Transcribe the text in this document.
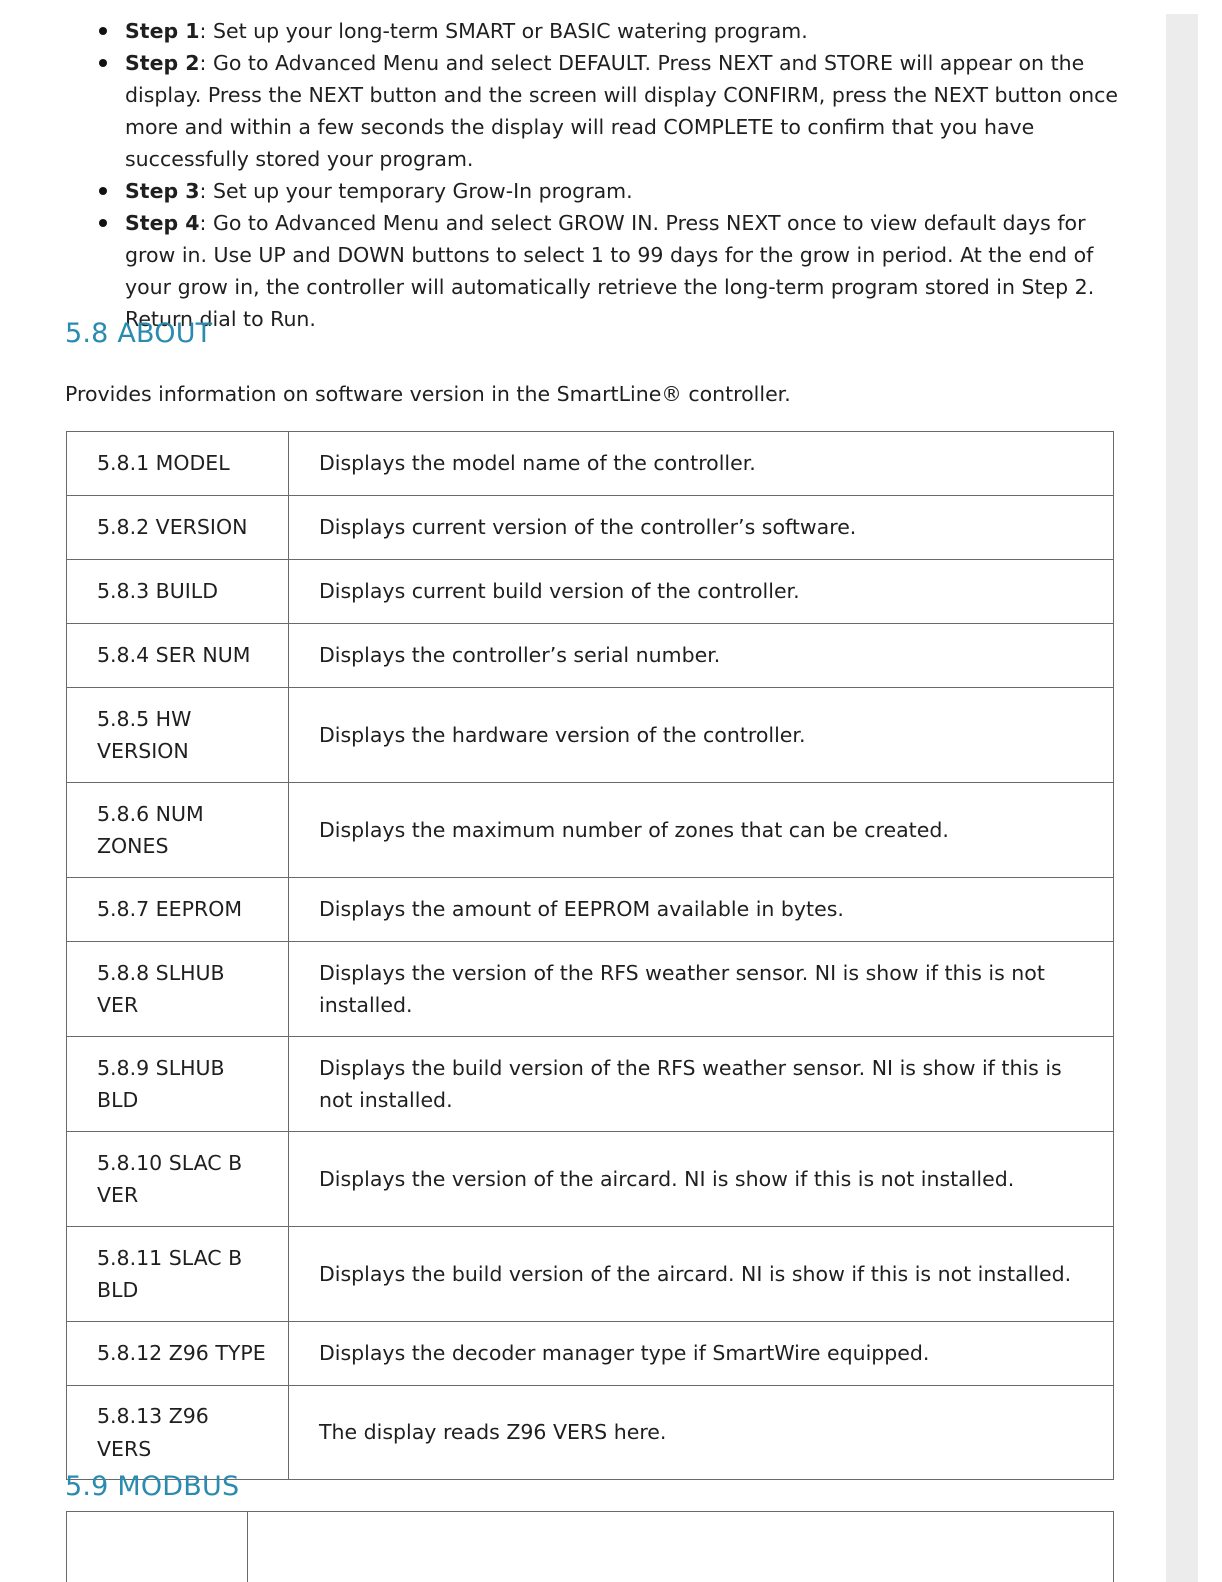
Step 1: Set up your long-term SMART or BASIC watering program.
Step 2: Go to Advanced Menu and select DEFAULT. Press NEXT and STORE will appear on the display. Press the NEXT button and the screen will display CONFIRM, press the NEXT button once more and within a few seconds the display will read COMPLETE to confirm that you have successfully stored your program.
Step 3: Set up your temporary Grow-In program.
Step 4: Go to Advanced Menu and select GROW IN. Press NEXT once to view default days for grow in. Use UP and DOWN buttons to select 1 to 99 days for the grow in period. At the end of your grow in, the controller will automatically retrieve the long-term program stored in Step 2. Return dial to Run.
5.8 ABOUT

Provides information on software version in the SmartLine® controller.

5.8.1 MODEL	Displays the model name of the controller.
5.8.2 VERSION	Displays current version of the controller’s software.
5.8.3 BUILD	Displays current build version of the controller.
5.8.4 SER NUM	Displays the controller’s serial number.
5.8.5 HW VERSION	Displays the hardware version of the controller.
5.8.6 NUM ZONES	Displays the maximum number of zones that can be created.
5.8.7 EEPROM	Displays the amount of EEPROM available in bytes.
5.8.8 SLHUB VER	Displays the version of the RFS weather sensor. NI is show if this is not installed.
5.8.9 SLHUB BLD	Displays the build version of the RFS weather sensor. NI is show if this is not installed.
5.8.10 SLAC B VER	Displays the version of the aircard. NI is show if this is not installed.
5.8.11 SLAC B BLD	Displays the build version of the aircard. NI is show if this is not installed.
5.8.12 Z96 TYPE	Displays the decoder manager type if SmartWire equipped.
5.8.13 Z96 VERS	The display reads Z96 VERS here.
5.9 MODBUS
